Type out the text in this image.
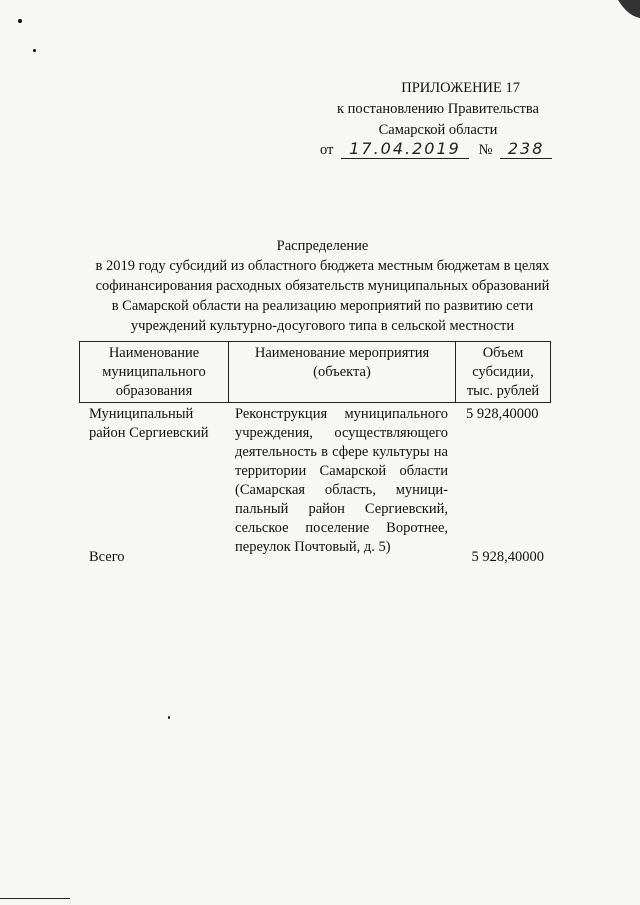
ПРИЛОЖЕНИЕ 17
к постановлению Правительства
Самарской области
от 17.04.2019 № 238
Распределение
в 2019 году субсидий из областного бюджета местным бюджетам в целях
софинансирования расходных обязательств муниципальных образований
в Самарской области на реализацию мероприятий по развитию сети
учреждений культурно-досугового типа в сельской местности
Наименование
муниципального
образования
Наименование мероприятия
(объекта)
Объем
субсидии,
тыс. рублей
Муниципальный
район Сергиевский
Реконструкция муниципального
учреждения, осуществляющего
деятельность в сфере культуры на
территории Самарской области
(Самарская область, муници-
пальный район Сергиевский,
сельское поселение Воротнее,
переулок Почтовый, д. 5)
5 928,40000
Всего	5 928,40000
